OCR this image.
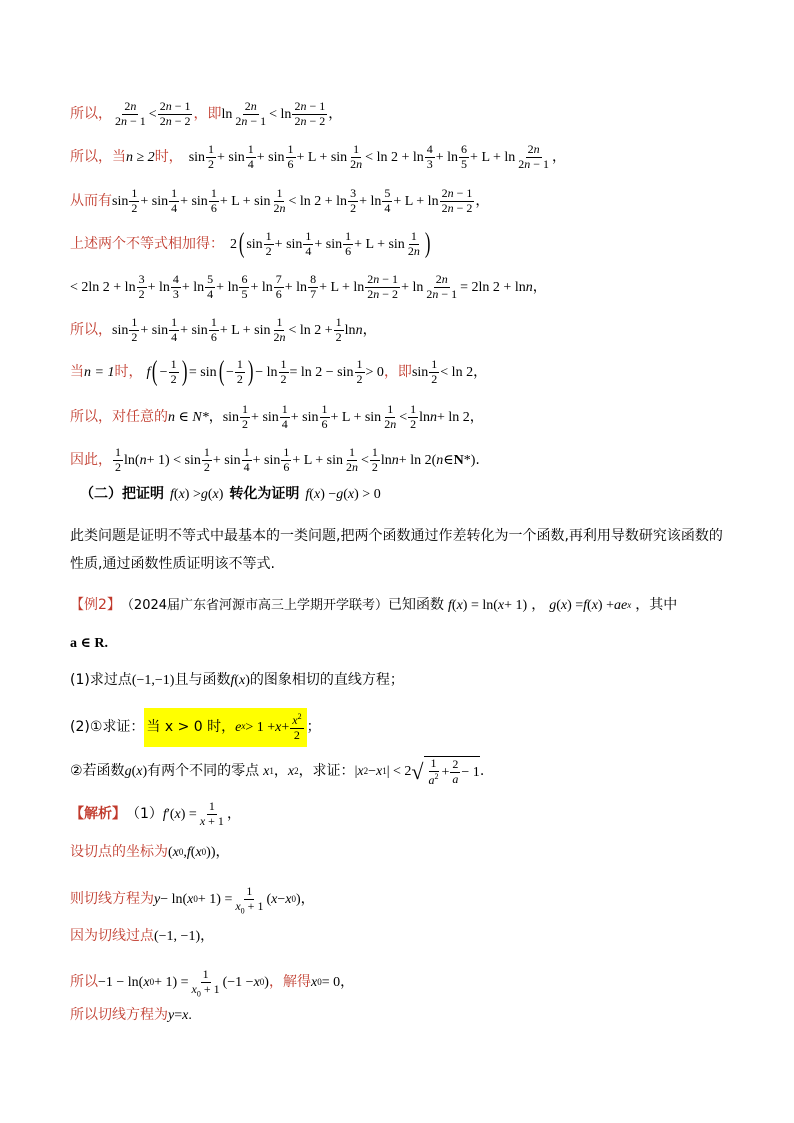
所以， $\frac{2n}{2n - 1} < \frac{2n - 1}{2n - 2}$ ，即 $\ln \frac{2n}{2n - 1} < \ln \frac{2n - 1}{2n - 2}$ ，
所以，当 n ≥ 2 时， $\sin \frac{1}{2} + \sin \frac{1}{4} + \sin \frac{1}{6} + L + \sin \frac{1}{2n} < \ln 2 + \ln \frac{4}{3} + \ln \frac{6}{5} + L + \ln \frac{2n}{2n - 1}$ ，
从而有 $\sin \frac{1}{2} + \sin \frac{1}{4} + \sin \frac{1}{6} + L + \sin \frac{1}{2n} < \ln 2 + \ln \frac{3}{2} + \ln \frac{5}{4} + L + \ln \frac{2n - 1}{2n - 2}$ ，
上述两个不等式相加得： 2 ( $\sin \frac{1}{2} + \sin \frac{1}{4} + \sin \frac{1}{6} + L + \sin \frac{1}{2n}$ )
< 2ln $2 + \ln \frac{3}{2} + \ln \frac{4}{3} + \ln \frac{5}{4} + \ln \frac{6}{5} + \ln \frac{7}{6} + \ln \frac{8}{7} + L + \ln \frac{2n - 1}{2n - 2} + \ln \frac{2n}{2n - 1} = 2\ln$ 2 + ln n ，
所以， $\sin \frac{1}{2} + \sin \frac{1}{4} + \sin \frac{1}{6} + L + \sin \frac{1}{2n} < \ln 2 + \frac{1}{2}$ ln n ，
当 n = 1 时， f ( − $\frac{1}{2}$ ) = sin ( − $\frac{1}{2}$ ) − $\ln \frac{1}{2} = \ln 2 - \sin \frac{1}{2} > 0$ ，即 $\sin \frac{1}{2} < \ln 2$ ，
所以，对任意的 n ∈ N* ， $\sin \frac{1}{2} + \sin \frac{1}{4} + \sin \frac{1}{6} + L + \sin \frac{1}{2n} < \frac{1}{2}$ ln n + ln 2 ，
因此， $\frac{1}{2} \ln$( $n + 1) < \sin \frac{1}{2} + \sin \frac{1}{4} + \sin \frac{1}{6} + L + \sin \frac{1}{2n} < \frac{1}{2}$ ln n + ln 2( n ∈ N *) .
（二）把证明 f ( x ) > g ( x ) 转化为证明 f ( x ) − g ( x ) > 0
此类问题是证明不等式中最基本的一类问题,把两个函数通过作差转化为一个函数,再利用导数研究该函数的性质,通过函数性质证明该不等式.
【例2】 （2024届广东省河源市高三上学期开学联考） 已知函数 f ( x ) = ln( x + 1) ， g ( x ) = f ( x ) + ae x ，其中
a ∈ R.
(1)求过点 (−1,−1) 且与函数 f ( x ) 的图象相切的直线方程；
(2)①求证： 当 x > 0 时， e $x > 1 + x + \frac{x^2}{2}$ ；
②若函数 g ( x ) 有两个不同的零点 x 1 ， x 2 ，求证： | x 2 − x 1 | < 2 √ $\frac{1}{a^2} + \frac{2}{a} - 1$ .
【解析】 （1） f ′( x ) = $\frac{1}{x + 1}$ ，
设切点的坐标为 ( x 0 , f ( x 0 )) ，
则切线方程为 y − ln( x $0 + 1) = \frac{1}{x_0 + 1}$ ( x − x 0 ) ，
因为切线过点 (−1, −1) ，
所以 −1 − ln( x $0 + 1) = \frac{1}{x_0 + 1} (-1 - x$ 0 ) ，解得 x 0 = 0 ，
所以切线方程为 y = x .
